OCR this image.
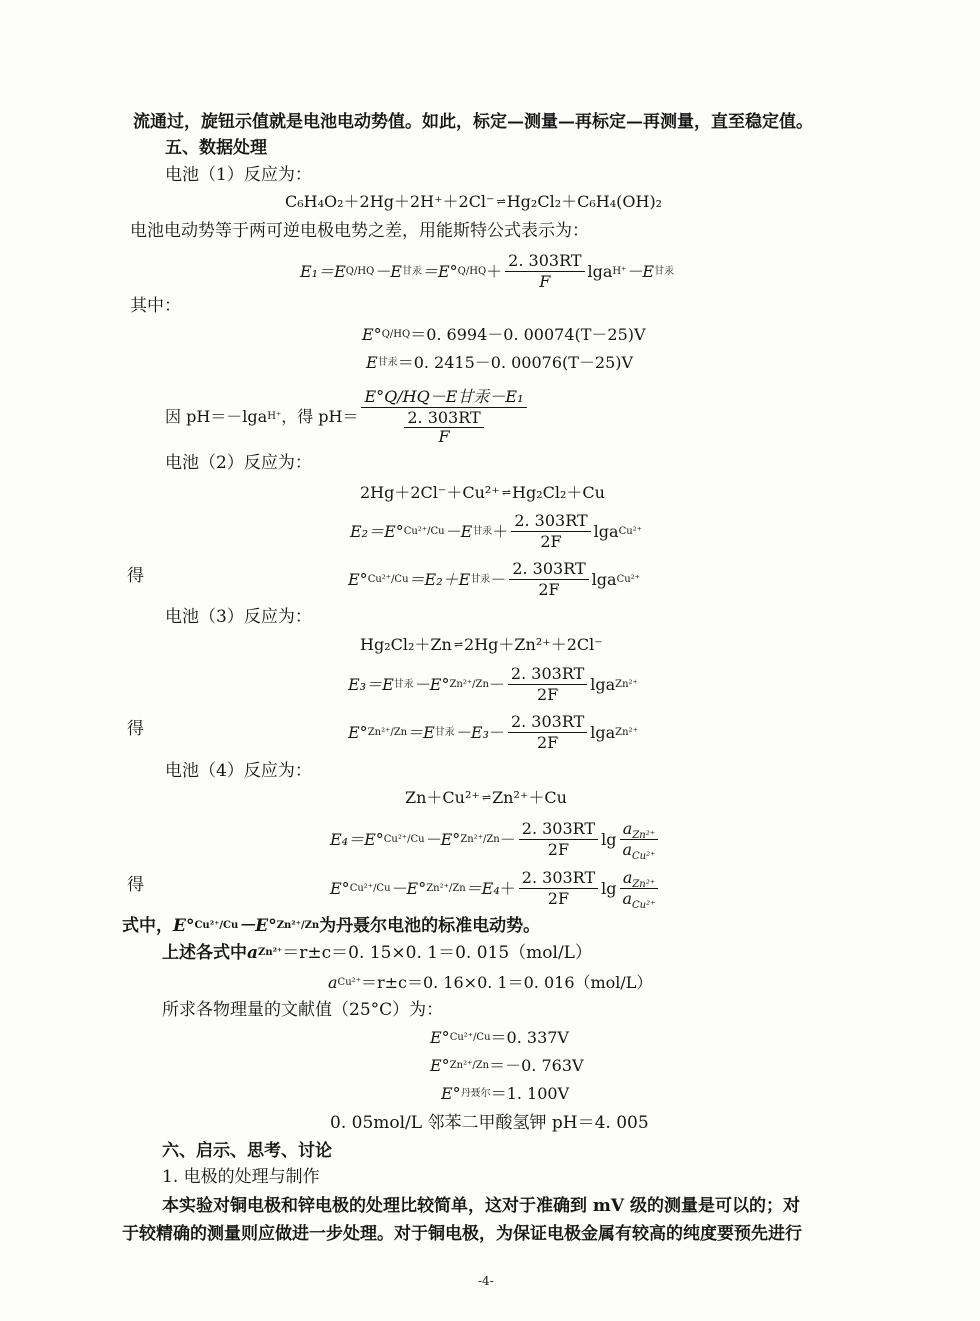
流通过，旋钮示值就是电池电动势值。如此，标定—测量—再标定—再测量，直至稳定值。
五、数据处理
电池（1）反应为：
C₆H₄O₂＋2Hg＋2H⁺＋2Cl⁻ ⇌ Hg₂Cl₂＋C₆H₄(OH)₂
电池电动势等于两可逆电极电势之差，用能斯特公式表示为：
E₁＝E Q/HQ －E 甘汞 ＝E° $Q/HQ + \frac{2. 303RT}{F}$ lga H⁺ －E 甘汞
其中：
E° Q/HQ ＝0. 6994－0. 00074(T－25)V
E 甘汞 ＝0. 2415－0. 00076(T－25)V
因 pH＝－lga H⁺ ，得 pH＝ E°Q/HQ－E甘汞－E₁
2. 303RT
F
电池（2）反应为：
2Hg＋2Cl⁻＋Cu²⁺ ⇌ Hg₂Cl₂＋Cu
E₂＝E° Cu²⁺/Cu －E 甘汞 ＋ $\frac{2. 303RT}{2F}$ lga Cu²⁺
得	E° Cu²⁺/Cu ＝E₂＋E 甘汞 － $\frac{2. 303RT}{2F}$ lga Cu²⁺
电池（3）反应为：
Hg₂Cl₂＋Zn ⇌ 2Hg＋Zn²⁺＋2Cl⁻
E₃＝E 甘汞 －E° $Zn^{2+}/Zn - \frac{2. 303RT}{2F}$ lga Zn²⁺
得	E° Zn²⁺/Zn ＝E 甘汞 $-E_3 - \frac{2. 303RT}{2F}$ lga Zn²⁺
电池（4）反应为：
Zn＋Cu²⁺ ⇌ Zn²⁺＋Cu
E₄＝E° Cu²⁺/Cu －E° $Zn^{2+}/Zn - \frac{2. 303RT}{2F}$ $\lg \frac{a_{Zn^{2+}}}{a_{Cu^{2+}}}$
得	E° Cu²⁺/Cu －E° $Zn^{2+}/Zn =E_4 + \frac{2. 303RT}{2F}$ $\lg \frac{a_{Zn^{2+}}}{a_{Cu^{2+}}}$
式中， E° Cu²⁺/Cu －E° Zn²⁺/Zn 为丹聂尔电池的标准电动势。
上述各式中 a Zn²⁺ ＝r±c＝0. 15×0. 1＝0. 015（mol/L）
a Cu²⁺ ＝r±c＝0. 16×0. 1＝0. 016（mol/L）
所求各物理量的文献值（25°C）为：
E° Cu²⁺/Cu ＝0. 337V
E° Zn²⁺/Zn ＝－0. 763V
E° 丹聂尔 ＝1. 100V
0. 05mol/L 邻苯二甲酸氢钾 pH＝4. 005
六、启示、思考、讨论
1. 电极的处理与制作
本实验对铜电极和锌电极的处理比较简单，这对于准确到 mV 级的测量是可以的；对
于较精确的测量则应做进一步处理。对于铜电极，为保证电极金属有较高的纯度要预先进行
-4-
